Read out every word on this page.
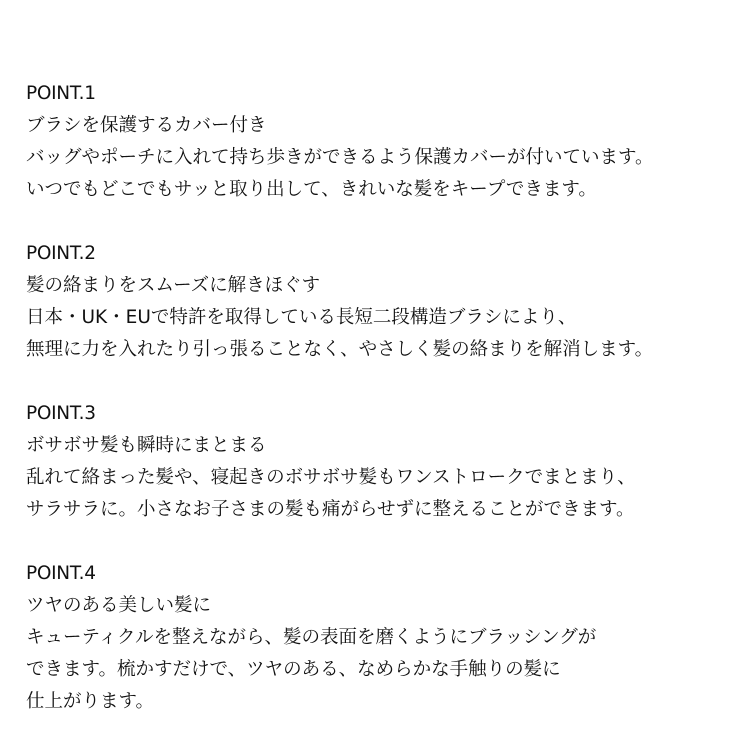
POINT.1
ブラシを保護するカバー付き
バッグやポーチに入れて持ち歩きができるよう保護カバーが付いています。
いつでもどこでもサッと取り出して、きれいな髪をキープできます。
POINT.2
髪の絡まりをスムーズに解きほぐす
日本・UK・EUで特許を取得している長短二段構造ブラシにより、
無理に力を入れたり引っ張ることなく、やさしく髪の絡まりを解消します。
POINT.3
ボサボサ髪も瞬時にまとまる
乱れて絡まった髪や、寝起きのボサボサ髪もワンストロークでまとまり、
サラサラに。小さなお子さまの髪も痛がらせずに整えることができます。
POINT.4
ツヤのある美しい髪に
キューティクルを整えながら、髪の表面を磨くようにブラッシングが
できます。梳かすだけで、ツヤのある、なめらかな手触りの髪に
仕上がります。
